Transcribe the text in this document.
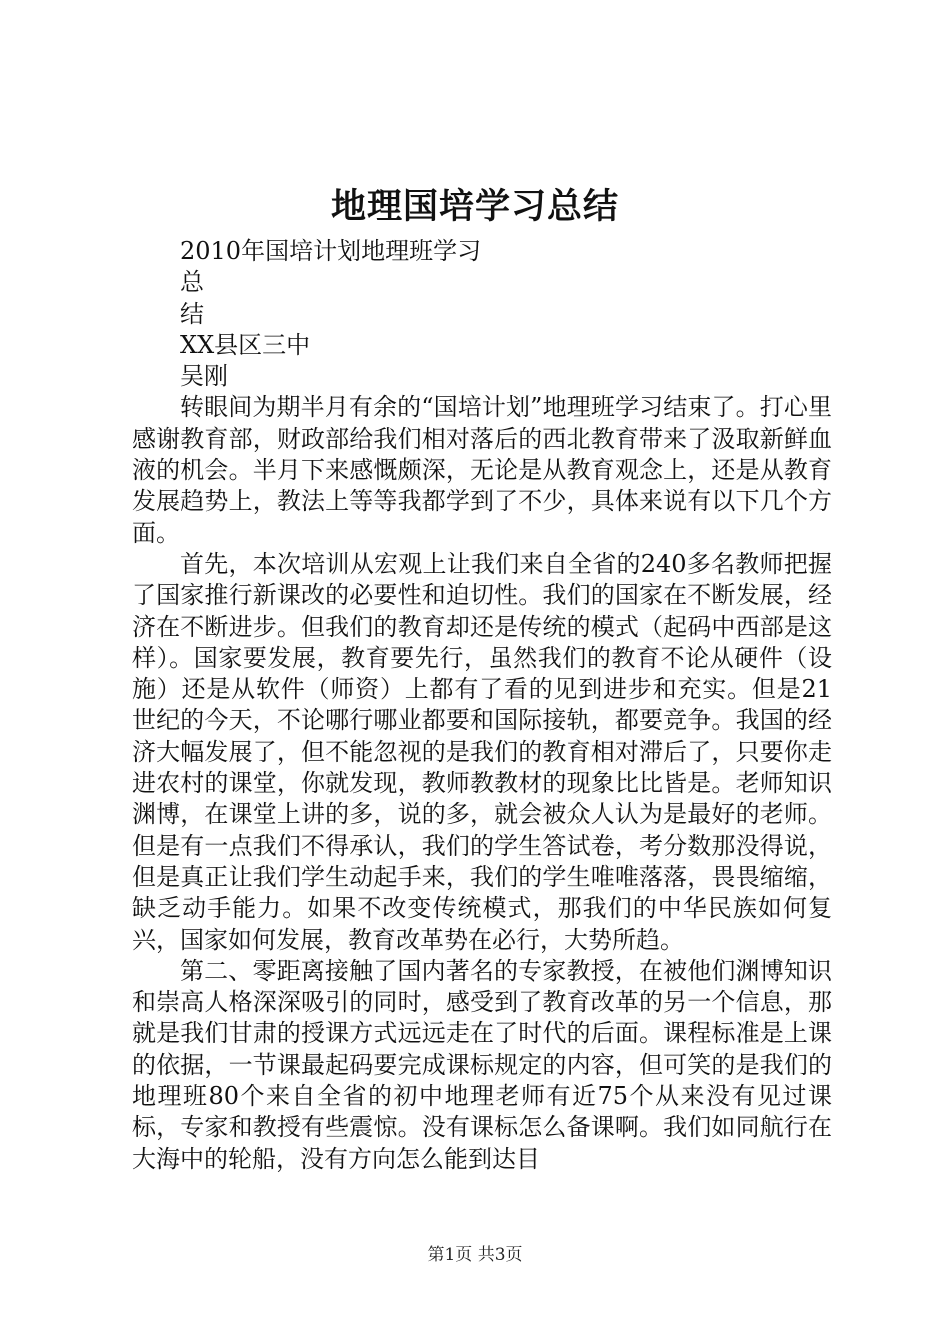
地理国培学习总结
2010年国培计划地理班学习
总
结
XX县区三中
吴刚

转眼间为期半月有余的“国培计划”地理班学习结束了。打心里感谢教育部，财政部给我们相对落后的西北教育带来了汲取新鲜血液的机会。半月下来感慨颇深，无论是从教育观念上，还是从教育发展趋势上，教法上等等我都学到了不少，具体来说有以下几个方面。

首先，本次培训从宏观上让我们来自全省的240多名教师把握了国家推行新课改的必要性和迫切性。我们的国家在不断发展，经济在不断进步。但我们的教育却还是传统的模式（起码中西部是这样）。国家要发展，教育要先行，虽然我们的教育不论从硬件（设施）还是从软件（师资）上都有了看的见到进步和充实。但是21世纪的今天，不论哪行哪业都要和国际接轨，都要竞争。我国的经济大幅发展了，但不能忽视的是我们的教育相对滞后了，只要你走进农村的课堂，你就发现，教师教教材的现象比比皆是。老师知识渊博，在课堂上讲的多，说的多，就会被众人认为是最好的老师。但是有一点我们不得承认，我们的学生答试卷，考分数那没得说，但是真正让我们学生动起手来，我们的学生唯唯落落，畏畏缩缩，缺乏动手能力。如果不改变传统模式，那我们的中华民族如何复兴，国家如何发展，教育改革势在必行，大势所趋。

第二、零距离接触了国内著名的专家教授，在被他们渊博知识和崇高人格深深吸引的同时，感受到了教育改革的另一个信息，那就是我们甘肃的授课方式远远走在了时代的后面。课程标准是上课的依据，一节课最起码要完成课标规定的内容，但可笑的是我们的地理班80个来自全省的初中地理老师有近75个从来没有见过课标，专家和教授有些震惊。没有课标怎么备课啊。我们如同航行在大海中的轮船，没有方向怎么能到达目

第1页 共3页
